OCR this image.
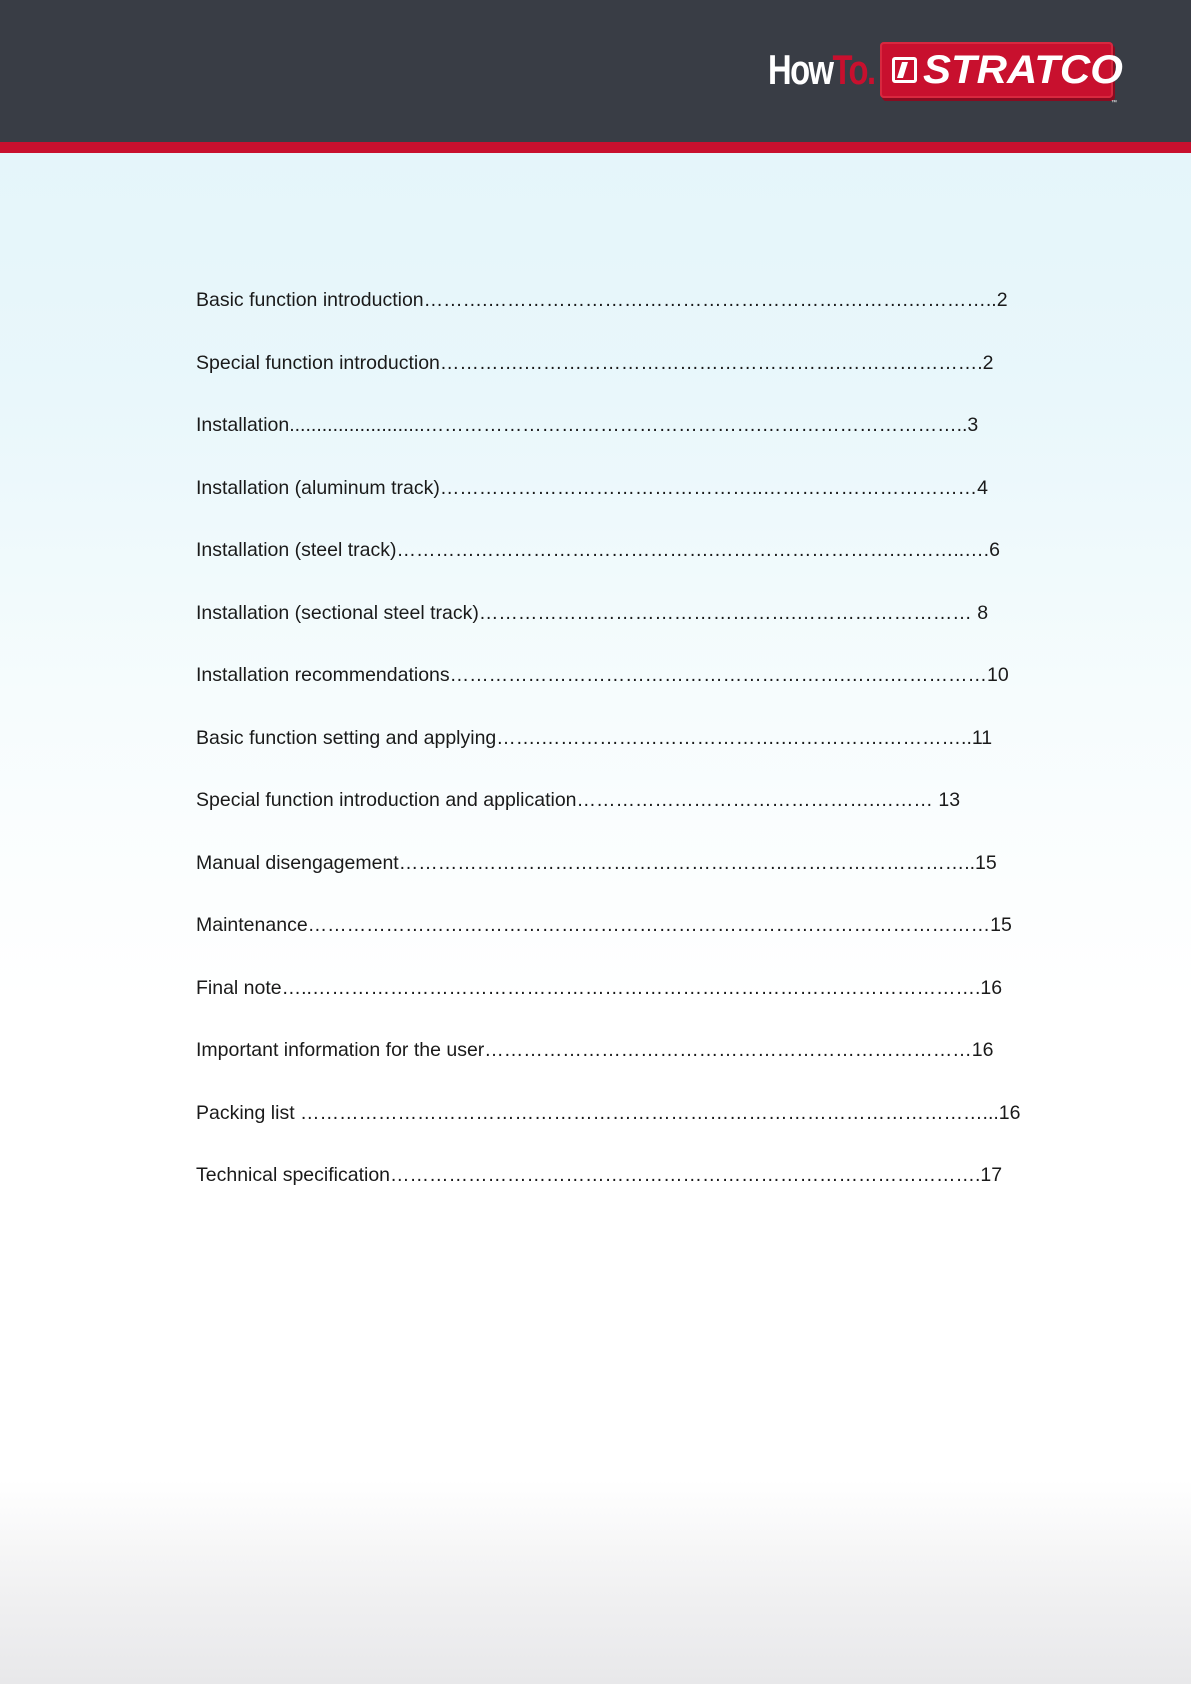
HowTo. STRATCO
™
Basic function introduction……….……………………………………………….……….…………..2
Special function introduction………….………………………………………….………………….2
Installation.........................…………………………………………….…………………………..3
Installation (aluminum track)…………………………………………..……………………………4
Installation (steel track)………………………………………….……………………….………..….6
Installation (sectional steel track)………………………………………….……………………… 8
Installation recommendations…………………………………………………….…….……………10
Basic function setting and applying…….……………………………….…………….…………..11
Special function introduction and application……………………………………….……… 13
Manual disengagement……………………………………………………………………………..15
Maintenance……………………………………………………………………………………………15
Final note…..………………………………………………………………………………………….16
Important information for the user…………………………………………………………………16
Packing list ……………………………………………………………………………………………...16
Technical specification……………………………………………………………………………….17
